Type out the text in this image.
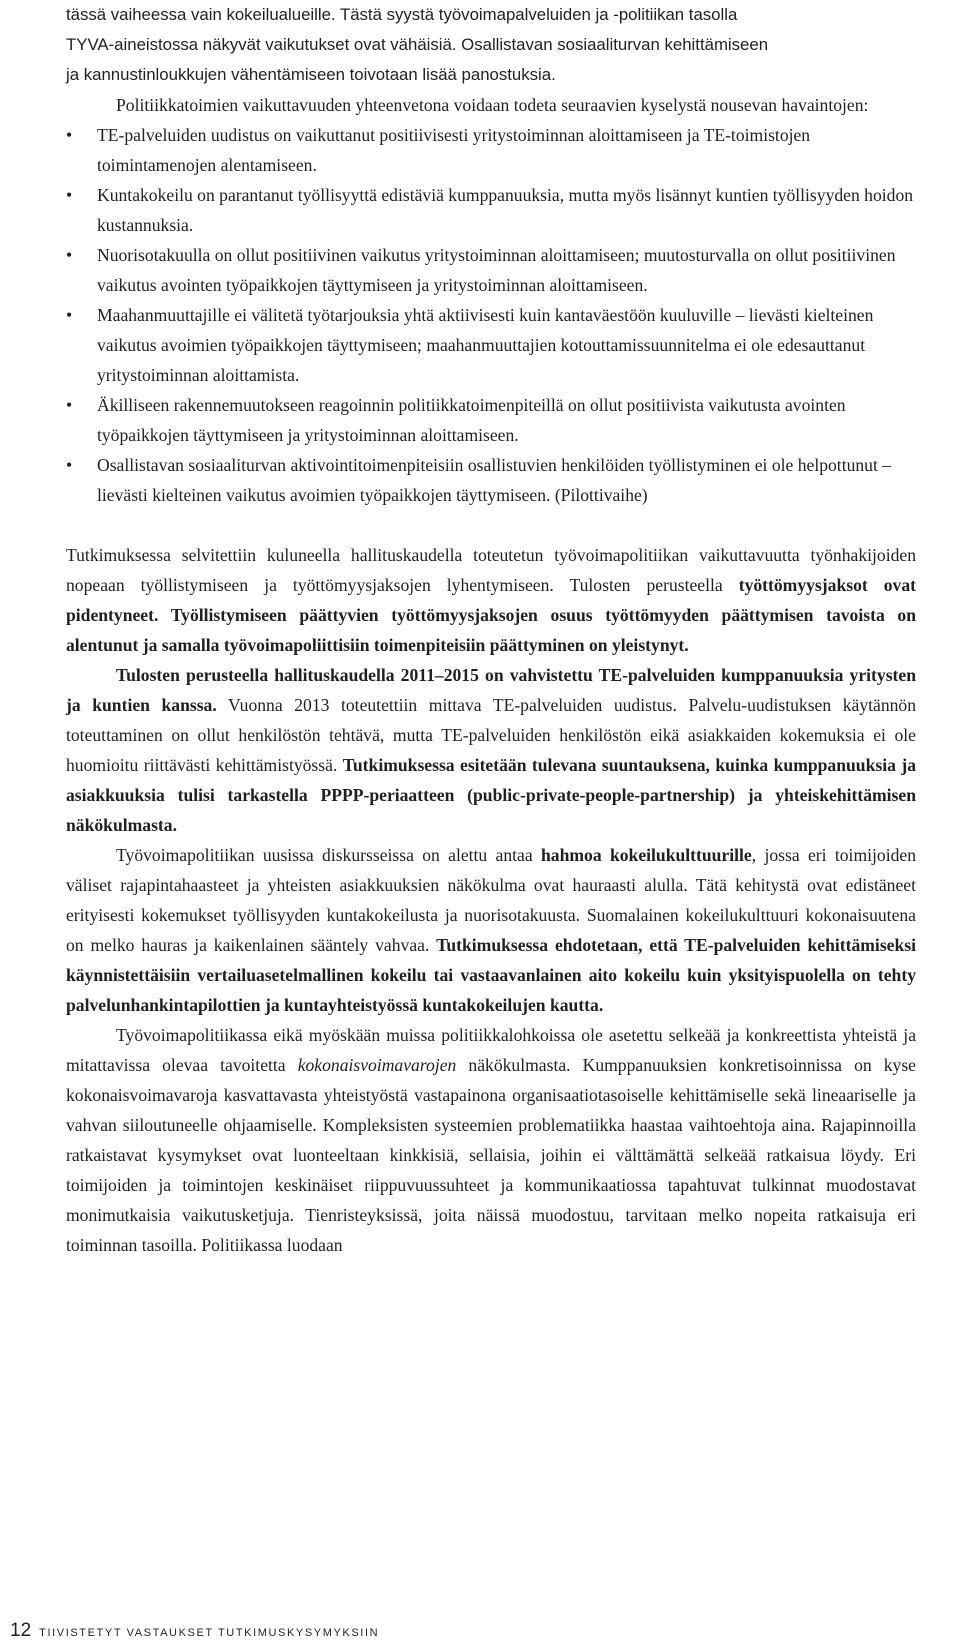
tässä vaiheessa vain kokeilualueille. Tästä syystä työvoimapalveluiden ja -politiikan tasolla

TYVA-aineistossa näkyvät vaikutukset ovat vähäisiä. Osallistavan sosiaaliturvan kehittämiseen

ja kannustinloukkujen vähentämiseen toivotaan lisää panostuksia.

Politiikkatoimien vaikuttavuuden yhteenvetona voidaan todeta seuraavien kyselystä nousevan havaintojen:

• TE-palveluiden uudistus on vaikuttanut positiivisesti yritystoiminnan aloittamiseen ja TE-toimistojen toimintamenojen alentamiseen.
• Kuntakokeilu on parantanut työllisyyttä edistäviä kumppanuuksia, mutta myös lisännyt kuntien työllisyyden hoidon kustannuksia.
• Nuorisotakuulla on ollut positiivinen vaikutus yritystoiminnan aloittamiseen; muutosturvalla on ollut positiivinen vaikutus avointen työpaikkojen täyttymiseen ja yritystoiminnan aloittamiseen.
• Maahanmuuttajille ei välitetä työtarjouksia yhtä aktiivisesti kuin kantaväestöön kuuluville – lievästi kielteinen vaikutus avoimien työpaikkojen täyttymiseen; maahanmuuttajien kotouttamissuunnitelma ei ole edesauttanut yritystoiminnan aloittamista.
• Äkilliseen rakennemuutokseen reagoinnin politiikkatoimenpiteillä on ollut positiivista vaikutusta avointen työpaikkojen täyttymiseen ja yritystoiminnan aloittamiseen.
• Osallistavan sosiaaliturvan aktivointitoimenpiteisiin osallistuvien henkilöiden työllistyminen ei ole helpottunut – lievästi kielteinen vaikutus avoimien työpaikkojen täyttymiseen. (Pilottivaihe)

Tutkimuksessa selvitettiin kuluneella hallituskaudella toteutetun työvoimapolitiikan vaikuttavuutta työnhakijoiden nopeaan työllistymiseen ja työttömyysjaksojen lyhentymiseen. Tulosten perusteella työttömyysjaksot ovat pidentyneet. Työllistymiseen päättyvien työttömyysjaksojen osuus työttömyyden päättymisen tavoista on alentunut ja samalla työvoimapoliittisiin toimenpiteisiin päättyminen on yleistynyt.

Tulosten perusteella hallituskaudella 2011–2015 on vahvistettu TE-palveluiden kumppanuuksia yritysten ja kuntien kanssa. Vuonna 2013 toteutettiin mittava TE-palveluiden uudistus. Palvelu-uudistuksen käytännön toteuttaminen on ollut henkilöstön tehtävä, mutta TE-palveluiden henkilöstön eikä asiakkaiden kokemuksia ei ole huomioitu riittävästi kehittämistyössä. Tutkimuksessa esitetään tulevana suuntauksena, kuinka kumppanuuksia ja asiakkuuksia tulisi tarkastella PPPP-periaatteen (public-private-people-partnership) ja yhteiskehittämisen näkökulmasta.

Työvoimapolitiikan uusissa diskursseissa on alettu antaa hahmoa kokeilukulttuurille, jossa eri toimijoiden väliset rajapintahaasteet ja yhteisten asiakkuuksien näkökulma ovat hauraasti alulla. Tätä kehitystä ovat edistäneet erityisesti kokemukset työllisyyden kuntakokeilusta ja nuorisotakuusta. Suomalainen kokeilukulttuuri kokonaisuutena on melko hauras ja kaikenlainen sääntely vahvaa. Tutkimuksessa ehdotetaan, että TE-palveluiden kehittämiseksi käynnistettäisiin vertailuasetelmallinen kokeilu tai vastaavanlainen aito kokeilu kuin yksityispuolella on tehty palvelunhankintapilottien ja kuntayhteistyössä kuntakokeilujen kautta.

Työvoimapolitiikassa eikä myöskään muissa politiikkalohkoissa ole asetettu selkeää ja konkreettista yhteistä ja mitattavissa olevaa tavoitetta kokonaisvoimavarojen näkökulmasta. Kumppanuuksien konkretisoinnissa on kyse kokonaisvoimavaroja kasvattavasta yhteistyöstä vastapainona organisaatiotasoiselle kehittämiselle sekä lineaariselle ja vahvan siiloutuneelle ohjaamiselle. Kompleksisten systeemien problematiikka haastaa vaihtoehtoja aina. Rajapinnoilla ratkaistavat kysymykset ovat luonteeltaan kinkkisiä, sellaisia, joihin ei välttämättä selkeää ratkaisua löydy. Eri toimijoiden ja toimintojen keskinäiset riippuvuussuhteet ja kommunikaatiossa tapahtuvat tulkinnat muodostavat monimutkaisia vaikutusketjuja. Tienristeyksissä, joita näissä muodostuu, tarvitaan melko nopeita ratkaisuja eri toiminnan tasoilla. Politiikassa luodaan

12 TIIVISTETYT VASTAUKSET TUTKIMUSKYSYMYKSIIN
